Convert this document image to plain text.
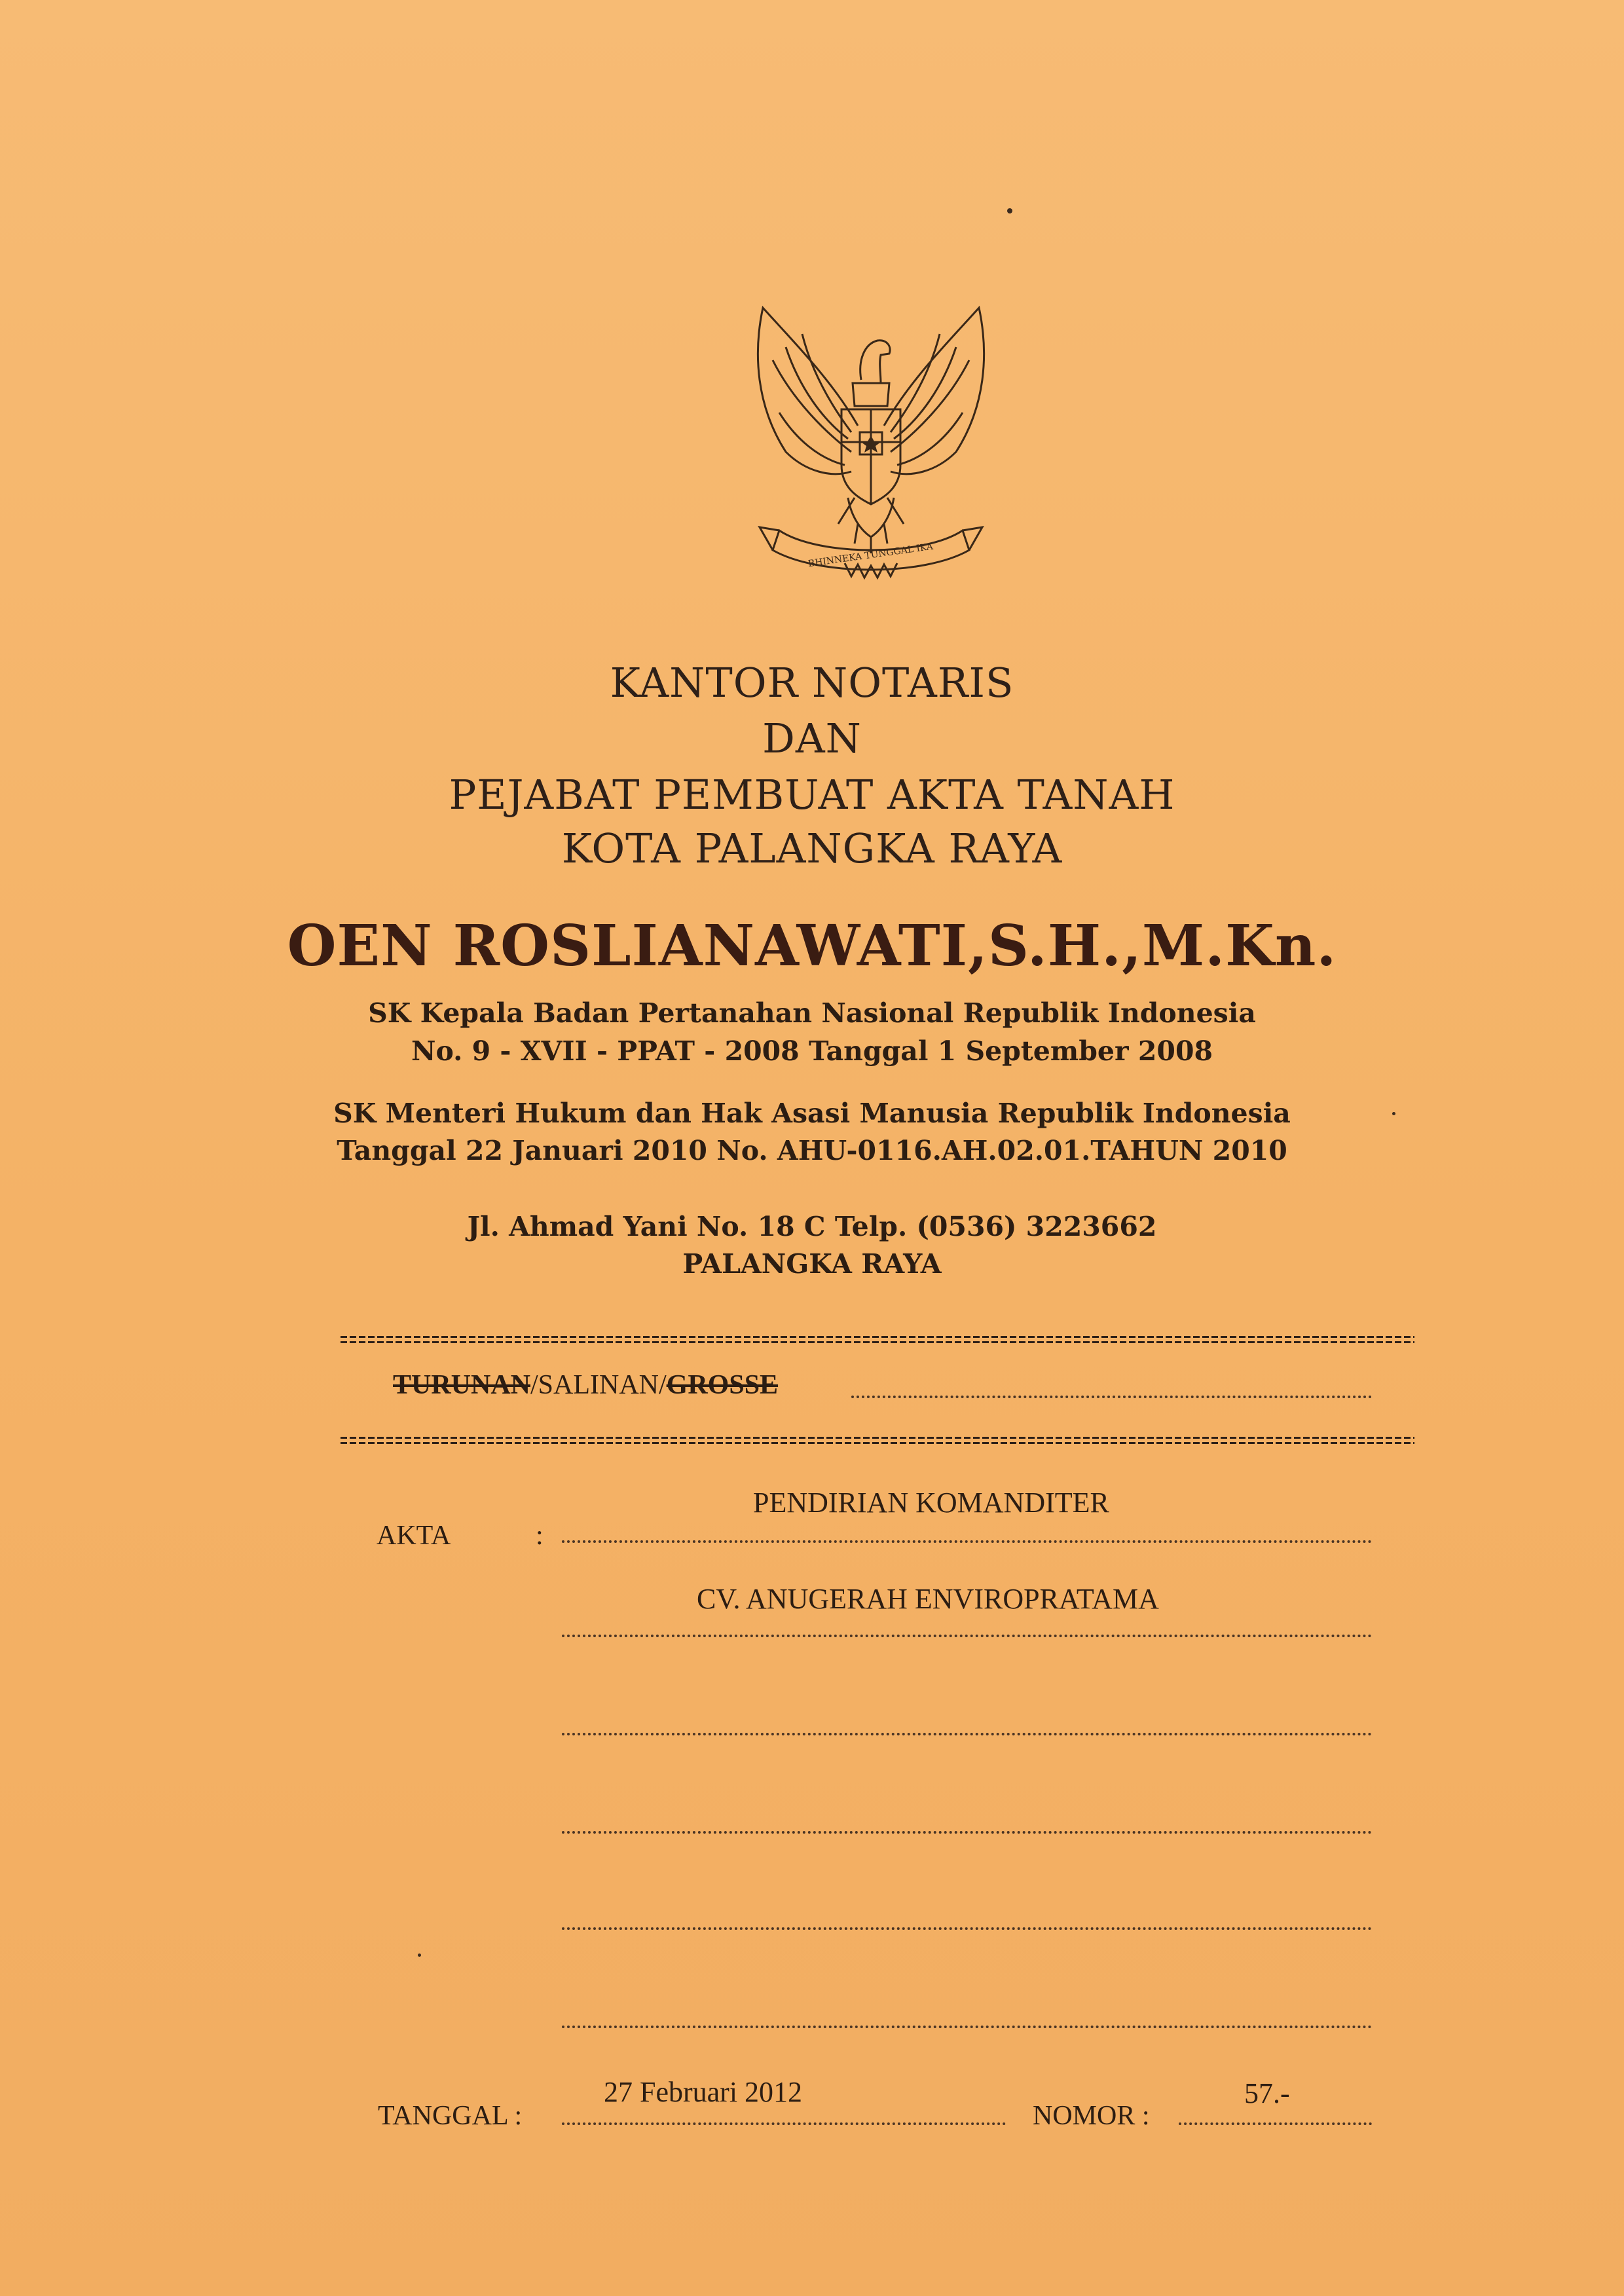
BHINNEKA TUNGGAL IKA
KANTOR NOTARIS
DAN
PEJABAT PEMBUAT AKTA TANAH
KOTA PALANGKA RAYA
OEN ROSLIANAWATI,S.H.,M.Kn.
SK Kepala Badan Pertanahan Nasional Republik Indonesia
No. 9 - XVII - PPAT - 2008 Tanggal 1 September 2008
SK Menteri Hukum dan Hak Asasi Manusia Republik Indonesia
Tanggal 22 Januari 2010 No. AHU-0116.AH.02.01.TAHUN 2010
Jl. Ahmad Yani No. 18 C Telp. (0536) 3223662
PALANGKA RAYA
TURUNAN/SALINAN/GROSSE
AKTA	:
PENDIRIAN KOMANDITER
CV. ANUGERAH ENVIROPRATAMA
TANGGAL :
27 Februari 2012
NOMOR :
57.-
